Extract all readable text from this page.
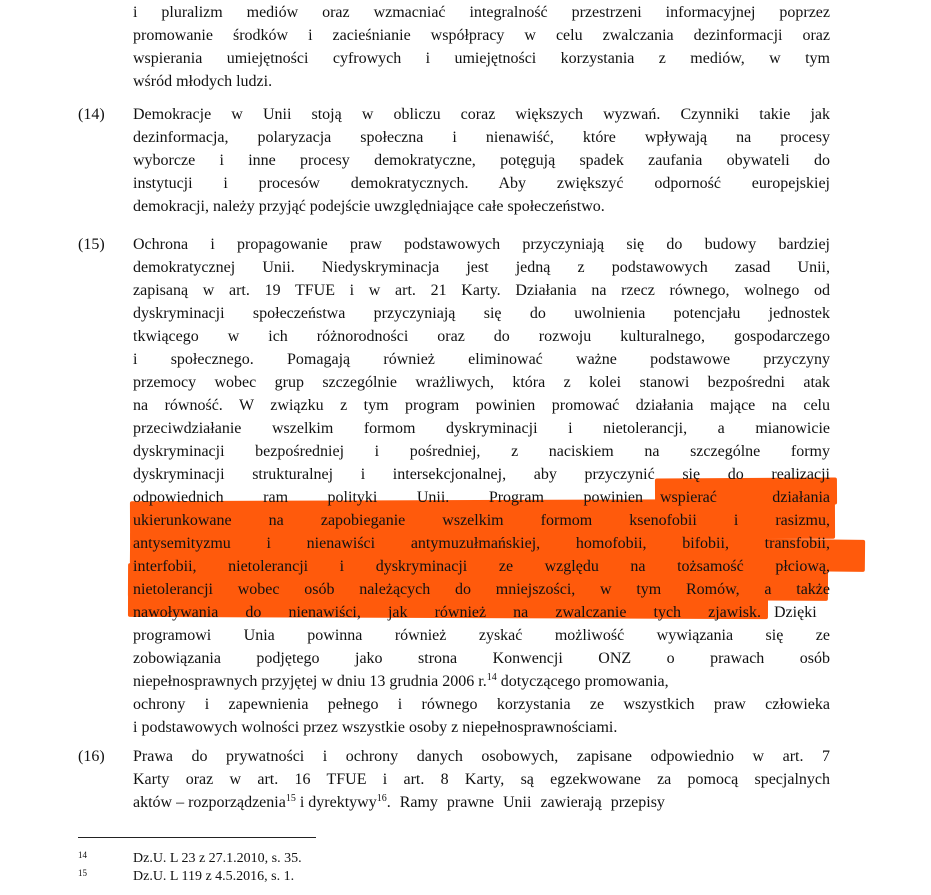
i pluralizm mediów oraz wzmacniać integralność przestrzeni informacyjnej poprzez
promowanie środków i zacieśnianie współpracy w celu zwalczania dezinformacji oraz
wspierania umiejętności cyfrowych i umiejętności korzystania z mediów, w tym
wśród młodych ludzi.
(14) Demokracje w Unii stoją w obliczu coraz większych wyzwań. Czynniki takie jak
dezinformacja, polaryzacja społeczna i nienawiść, które wpływają na procesy
wyborcze i inne procesy demokratyczne, potęgują spadek zaufania obywateli do
instytucji i procesów demokratycznych. Aby zwiększyć odporność europejskiej
demokracji, należy przyjąć podejście uwzględniające całe społeczeństwo.
(15) Ochrona i propagowanie praw podstawowych przyczyniają się do budowy bardziej
demokratycznej Unii. Niedyskryminacja jest jedną z podstawowych zasad Unii,
zapisaną w art. 19 TFUE i w art. 21 Karty. Działania na rzecz równego, wolnego od
dyskryminacji społeczeństwa przyczyniają się do uwolnienia potencjału jednostek
tkwiącego w ich różnorodności oraz do rozwoju kulturalnego, gospodarczego
i społecznego. Pomagają również eliminować ważne podstawowe przyczyny
przemocy wobec grup szczególnie wrażliwych, która z kolei stanowi bezpośredni atak
na równość. W związku z tym program powinien promować działania mające na celu
przeciwdziałanie wszelkim formom dyskryminacji i nietolerancji, a mianowicie
dyskryminacji bezpośredniej i pośredniej, z naciskiem na szczególne formy
dyskryminacji strukturalnej i intersekcjonalnej, aby przyczynić się do realizacji
odpowiednich ram polityki Unii. Program powinien wspierać działania
ukierunkowane na zapobieganie wszelkim formom ksenofobii i rasizmu,
antysemityzmu i nienawiści antymuzułmańskiej, homofobii, bifobii, transfobii,
interfobii, nietolerancji i dyskryminacji ze względu na tożsamość płciową,
nietolerancji wobec osób należących do mniejszości, w tym Romów, a także
nawoływania do nienawiści, jak również na zwalczanie tych zjawisk. Dzięki
programowi Unia powinna również zyskać możliwość wywiązania się ze
zobowiązania podjętego jako strona Konwencji ONZ o prawach osób
niepełnosprawnych przyjętej w dniu 13 grudnia 2006 r.$^{14}$ dotyczącego promowania,
ochrony i zapewnienia pełnego i równego korzystania ze wszystkich praw człowieka
i podstawowych wolności przez wszystkie osoby z niepełnosprawnościami.
(16) Prawa do prywatności i ochrony danych osobowych, zapisane odpowiednio w art. 7
Karty oraz w art. 16 TFUE i art. 8 Karty, są egzekwowane za pomocą specjalnych
aktów – rozporządzenia$^{15}$ i dyrektywy$^{16}$. Ramy prawne Unii zawierają przepisy
14	Dz.U. L 23 z 27.1.2010, s. 35.
15	Dz.U. L 119 z 4.5.2016, s. 1.
